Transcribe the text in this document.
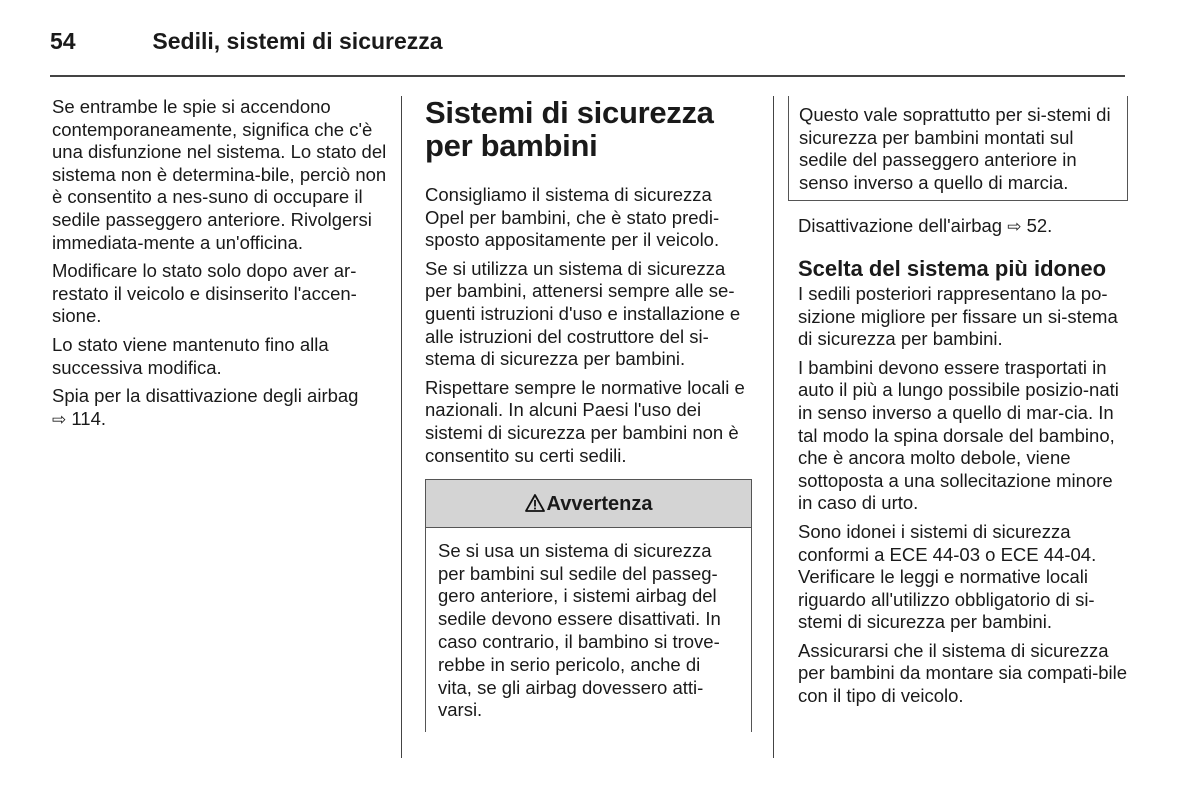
54	Sedili, sistemi di sicurezza

Se entrambe le spie si accendono contemporaneamente, significa che c'è una disfunzione nel sistema. Lo stato del sistema non è determina-bile, perciò non è consentito a nes-suno di occupare il sedile passeggero anteriore. Rivolgersi immediata-mente a un'officina.

Modificare lo stato solo dopo aver ar-restato il veicolo e disinserito l'accen-sione.

Lo stato viene mantenuto fino alla successiva modifica.

Spia per la disattivazione degli airbag
⇨ 114.

Sistemi di sicurezza per bambini

Consigliamo il sistema di sicurezza Opel per bambini, che è stato predi-sposto appositamente per il veicolo.

Se si utilizza un sistema di sicurezza per bambini, attenersi sempre alle se-guenti istruzioni d'uso e installazione e alle istruzioni del costruttore del si-stema di sicurezza per bambini.

Rispettare sempre le normative locali e nazionali. In alcuni Paesi l'uso dei sistemi di sicurezza per bambini non è consentito su certi sedili.

Avvertenza
Se si usa un sistema di sicurezza per bambini sul sedile del passeg-gero anteriore, i sistemi airbag del sedile devono essere disattivati. In caso contrario, il bambino si trove-rebbe in serio pericolo, anche di vita, se gli airbag dovessero atti-varsi.
Questo vale soprattutto per si-stemi di sicurezza per bambini montati sul sedile del passeggero anteriore in senso inverso a quello di marcia.

Disattivazione dell'airbag ⇨ 52.

Scelta del sistema più idoneo

I sedili posteriori rappresentano la po-sizione migliore per fissare un si-stema di sicurezza per bambini.

I bambini devono essere trasportati in auto il più a lungo possibile posizio-nati in senso inverso a quello di mar-cia. In tal modo la spina dorsale del bambino, che è ancora molto debole, viene sottoposta a una sollecitazione minore in caso di urto.

Sono idonei i sistemi di sicurezza conformi a ECE 44-03 o ECE 44-04. Verificare le leggi e normative locali riguardo all'utilizzo obbligatorio di si-stemi di sicurezza per bambini.

Assicurarsi che il sistema di sicurezza per bambini da montare sia compati-bile con il tipo di veicolo.
